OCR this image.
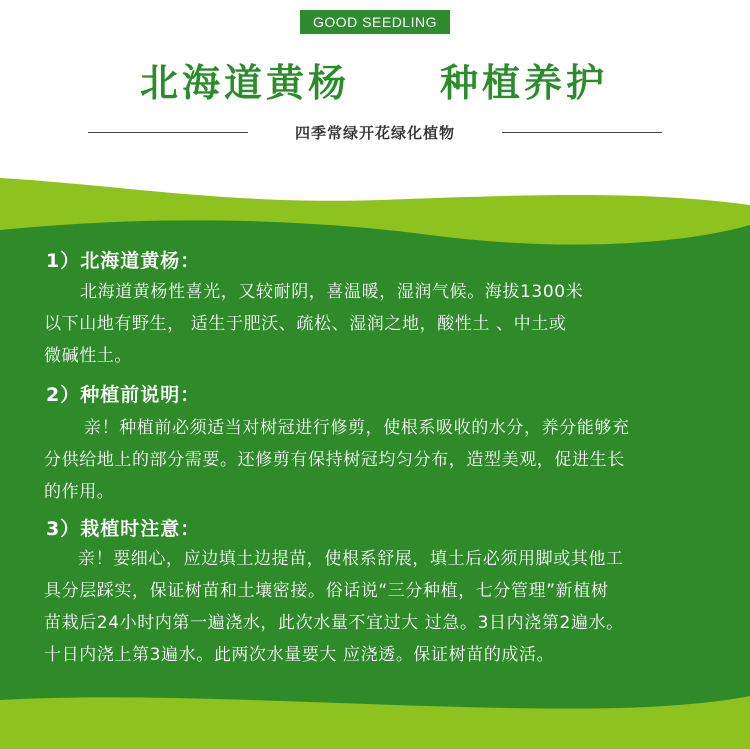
GOOD SEEDLING
北海道黄杨 种植养护
四季常绿开花绿化植物
1）北海道黄杨：
北海道黄杨性喜光，又较耐阴，喜温暖，湿润气候。海拔1300米
以下山地有野生， 适生于肥沃、疏松、湿润之地，酸性土 、中土或
微碱性土。
2）种植前说明：
亲！种植前必须适当对树冠进行修剪，使根系吸收的水分，养分能够充
分供给地上的部分需要。还修剪有保持树冠均匀分布，造型美观，促进生长
的作用。
3）栽植时注意：
亲！要细心，应边填土边提苗，使根系舒展，填土后必须用脚或其他工
具分层踩实，保证树苗和土壤密接。俗话说“三分种植，七分管理”新植树
苗栽后24小时内第一遍浇水，此次水量不宜过大 过急。3日内浇第2遍水。
十日内浇上第3遍水。此两次水量要大 应浇透。保证树苗的成活。
